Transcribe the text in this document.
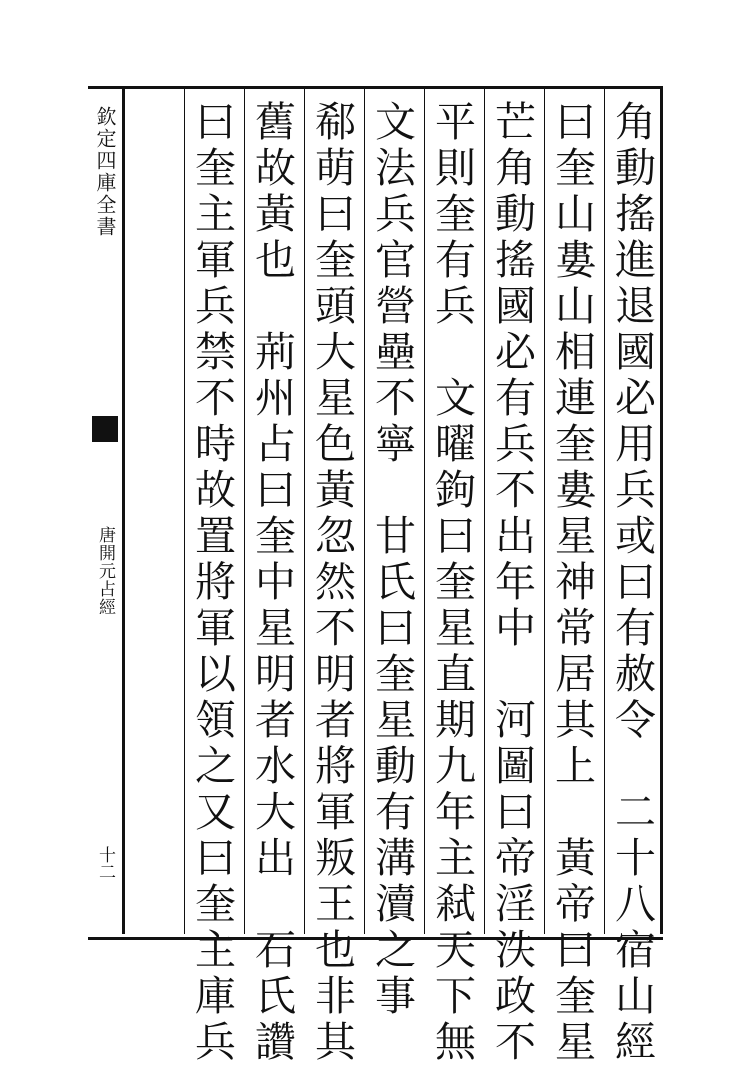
欽定四庫全書
唐開元占經
十二	角動搖進退國必用兵或曰有赦令　二十八宿山經
曰奎山婁山相連奎婁星神常居其上　黃帝曰奎星
芒角動搖國必有兵不出年中　河圖曰帝淫泆政不
平則奎有兵　文曜鉤曰奎星直期九年主弒天下無
文法兵官營壘不寧　甘氏曰奎星動有溝瀆之事
郗萌曰奎頭大星色黃忽然不明者將軍叛王也非其
舊故黃也　荊州占曰奎中星明者水大出　石氏讚
曰奎主軍兵禁不時故置將軍以領之又曰奎主庫兵
